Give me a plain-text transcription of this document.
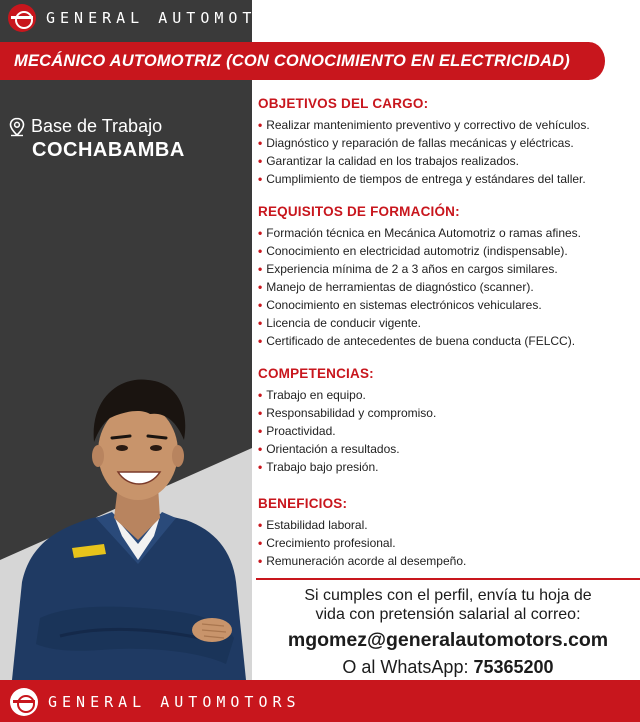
GENERAL AUTOMOTORS
MECÁNICO AUTOMOTRIZ (CON CONOCIMIENTO EN ELECTRICIDAD)
Base de Trabajo
COCHABAMBA
OBJETIVOS DEL CARGO:
• Realizar mantenimiento preventivo y correctivo de vehículos.
• Diagnóstico y reparación de fallas mecánicas y eléctricas.
• Garantizar la calidad en los trabajos realizados.
• Cumplimiento de tiempos de entrega y estándares del taller.
REQUISITOS DE FORMACIÓN:
• Formación técnica en Mecánica Automotriz o ramas afines.
• Conocimiento en electricidad automotriz (indispensable).
• Experiencia mínima de 2 a 3 años en cargos similares.
• Manejo de herramientas de diagnóstico (scanner).
• Conocimiento en sistemas electrónicos vehiculares.
• Licencia de conducir vigente.
• Certificado de antecedentes de buena conducta (FELCC).
COMPETENCIAS:
• Trabajo en equipo.
• Responsabilidad y compromiso.
• Proactividad.
• Orientación a resultados.
• Trabajo bajo presión.
BENEFICIOS:
• Estabilidad laboral.
• Crecimiento profesional.
• Remuneración acorde al desempeño.
Si cumples con el perfil, envía tu hoja de
vida con pretensión salarial al correo:
mgomez@generalautomotors.com
O al WhatsApp: 75365200
GENERAL AUTOMOTORS
